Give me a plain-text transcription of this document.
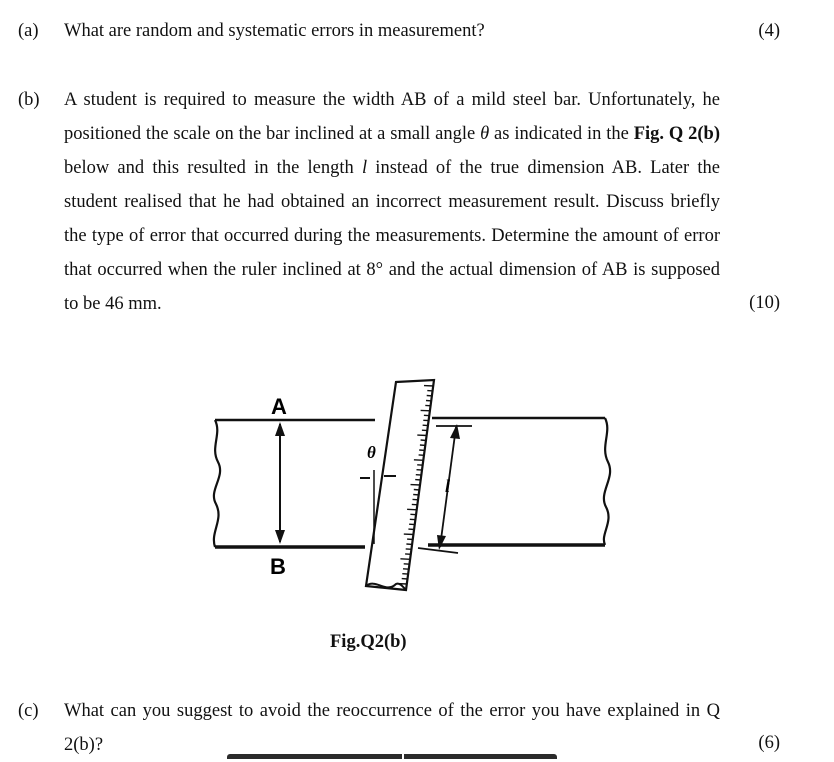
(a) What are random and systematic errors in measurement?	(4)
(b) A student is required to measure the width AB of a mild steel bar. Unfortunately, he positioned the scale on the bar inclined at a small angle θ as indicated in the Fig. Q 2(b) below and this resulted in the length l instead of the true dimension AB. Later the student realised that he had obtained an incorrect measurement result. Discuss briefly the type of error that occurred during the measurements. Determine the amount of error that occurred when the ruler inclined at 8° and the actual dimension of AB is supposed to be 46 mm.	(10)
A
B
θ
l
Fig.Q2(b)
(c) What can you suggest to avoid the reoccurrence of the error you have explained in Q 2(b)?	(6)
